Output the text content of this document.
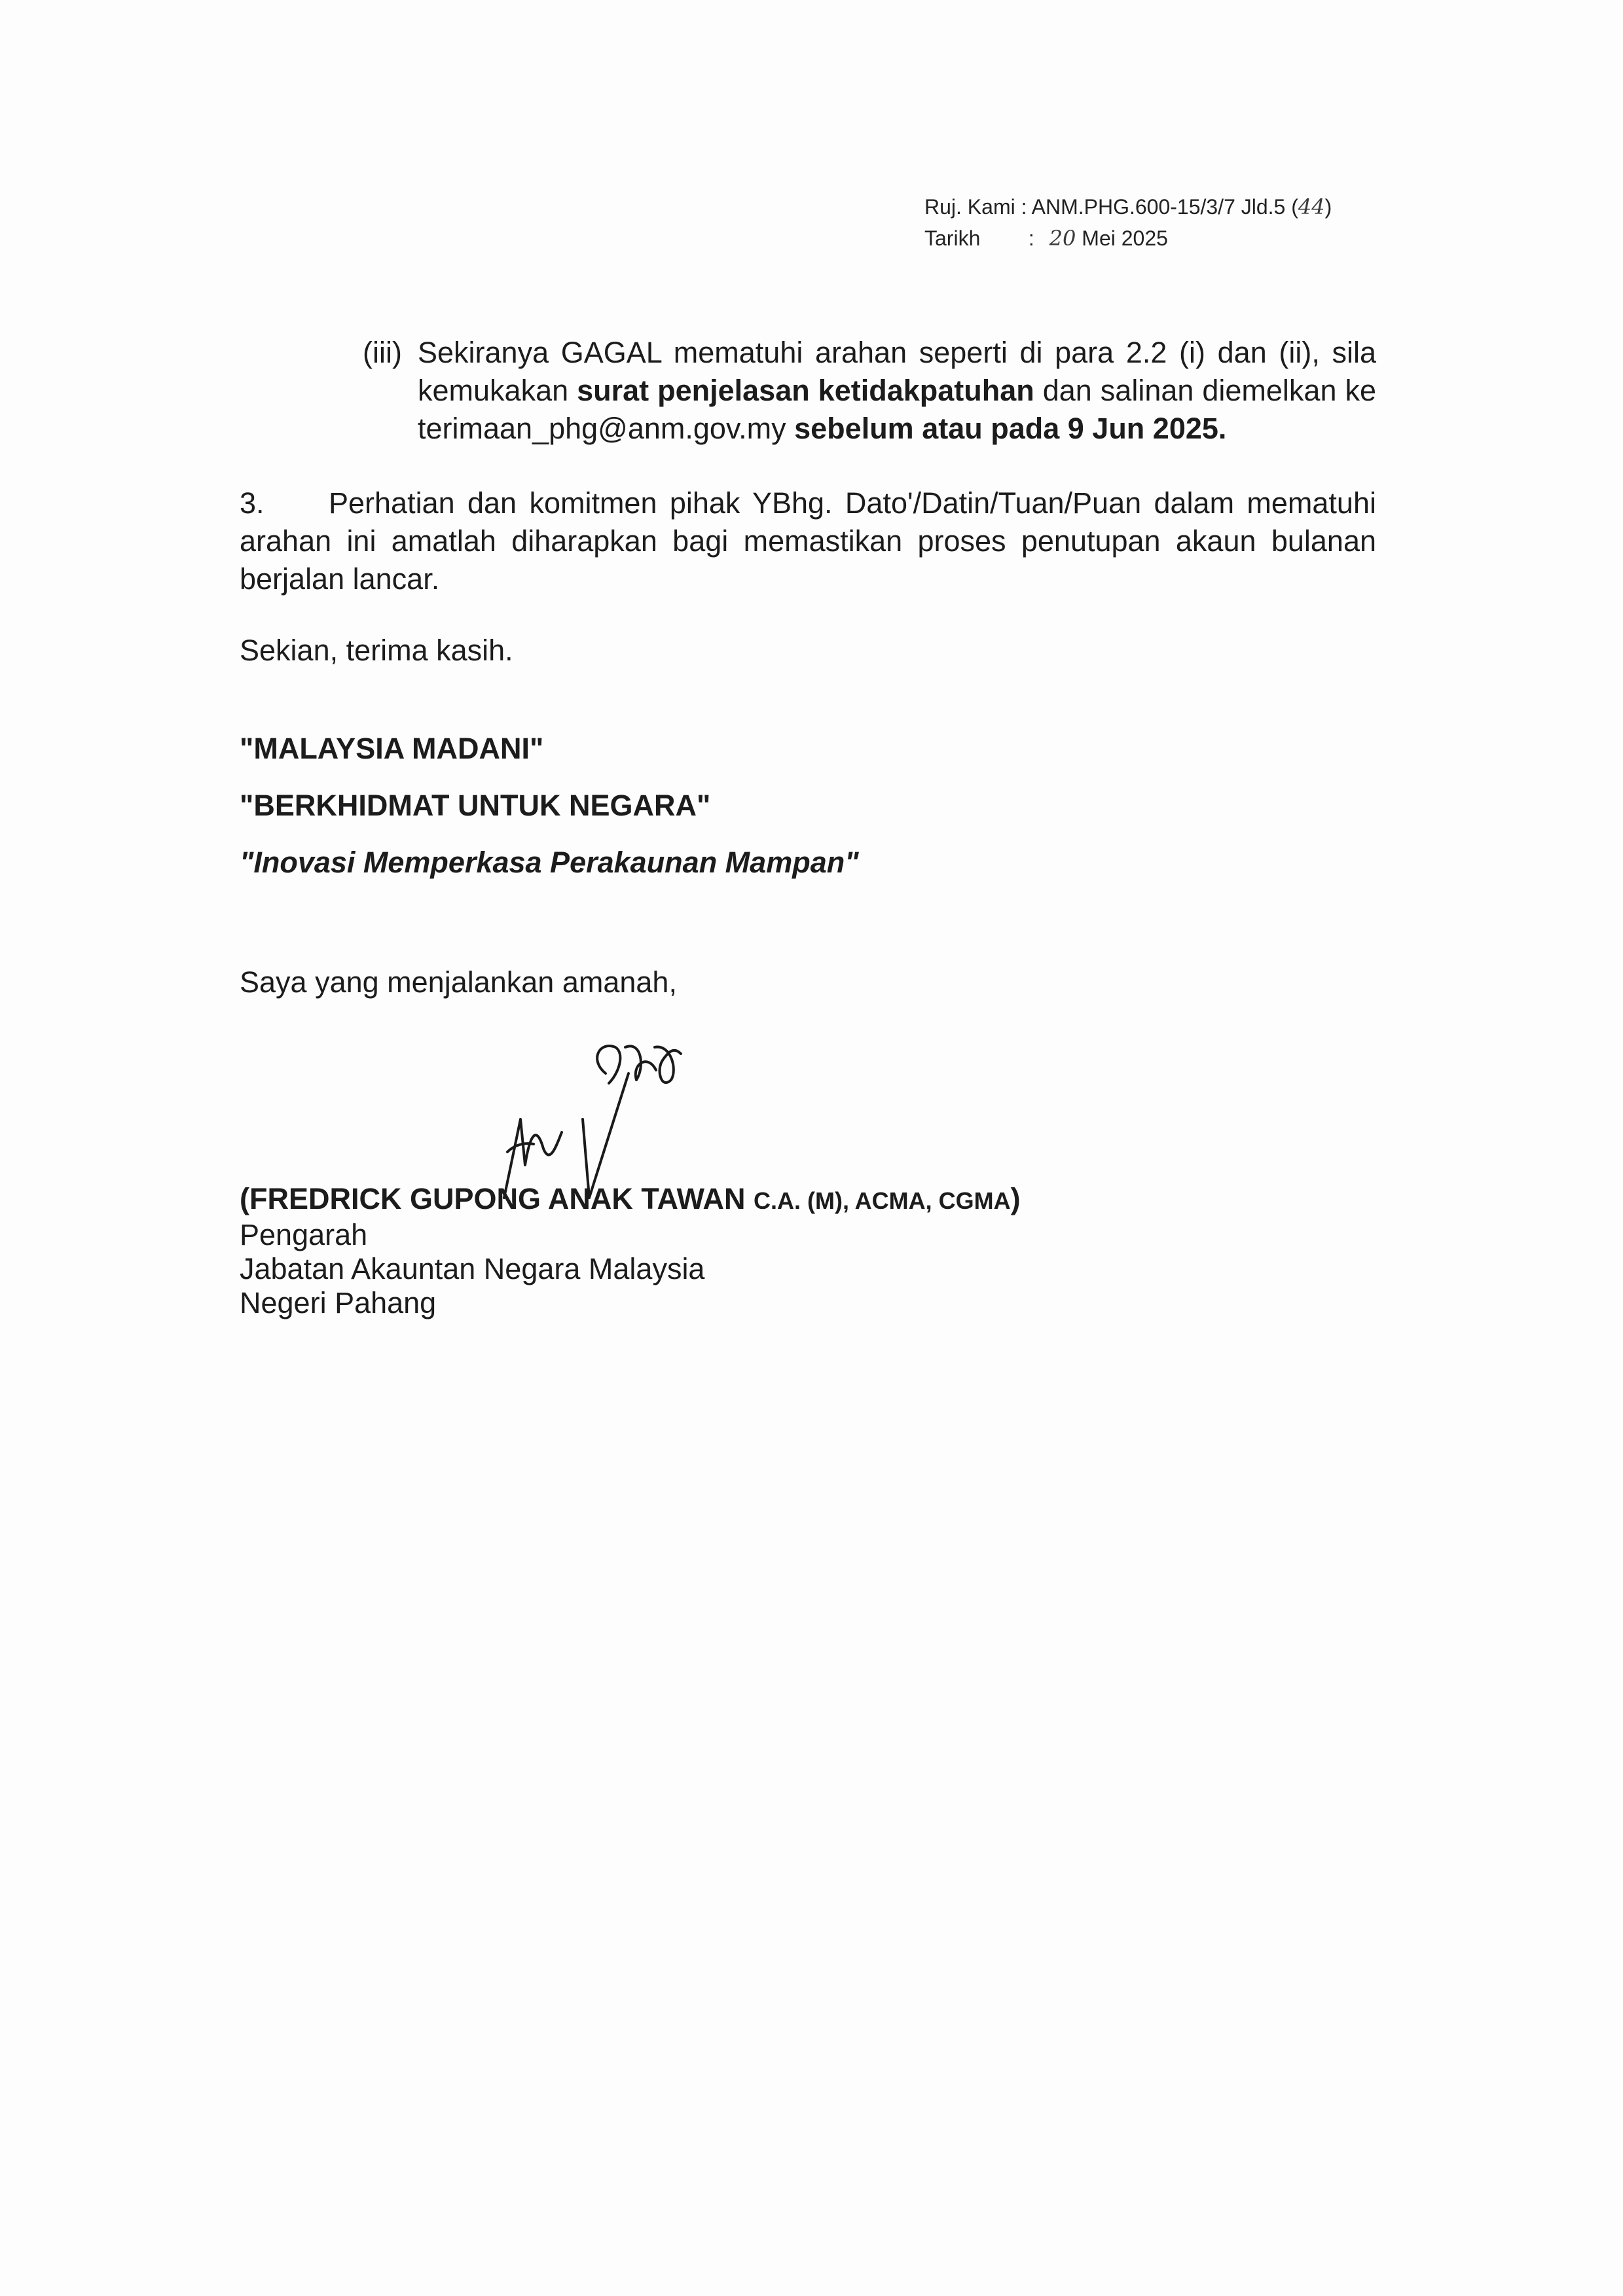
Ruj. Kami : ANM.PHG.600-15/3/7 Jld.5 (44)
Tarikh : 20 Mei 2025
(iii) Sekiranya GAGAL mematuhi arahan seperti di para 2.2 (i) dan (ii), sila kemukakan surat penjelasan ketidakpatuhan dan salinan diemelkan ke terimaan_phg@anm.gov.my sebelum atau pada 9 Jun 2025.
3. Perhatian dan komitmen pihak YBhg. Dato'/Datin/Tuan/Puan dalam mematuhi arahan ini amatlah diharapkan bagi memastikan proses penutupan akaun bulanan berjalan lancar.
Sekian, terima kasih.
"MALAYSIA MADANI"
"BERKHIDMAT UNTUK NEGARA"
"Inovasi Memperkasa Perakaunan Mampan"
Saya yang menjalankan amanah,
(FREDRICK GUPONG ANAK TAWAN C.A. (M), ACMA, CGMA)
Pengarah
Jabatan Akauntan Negara Malaysia
Negeri Pahang
